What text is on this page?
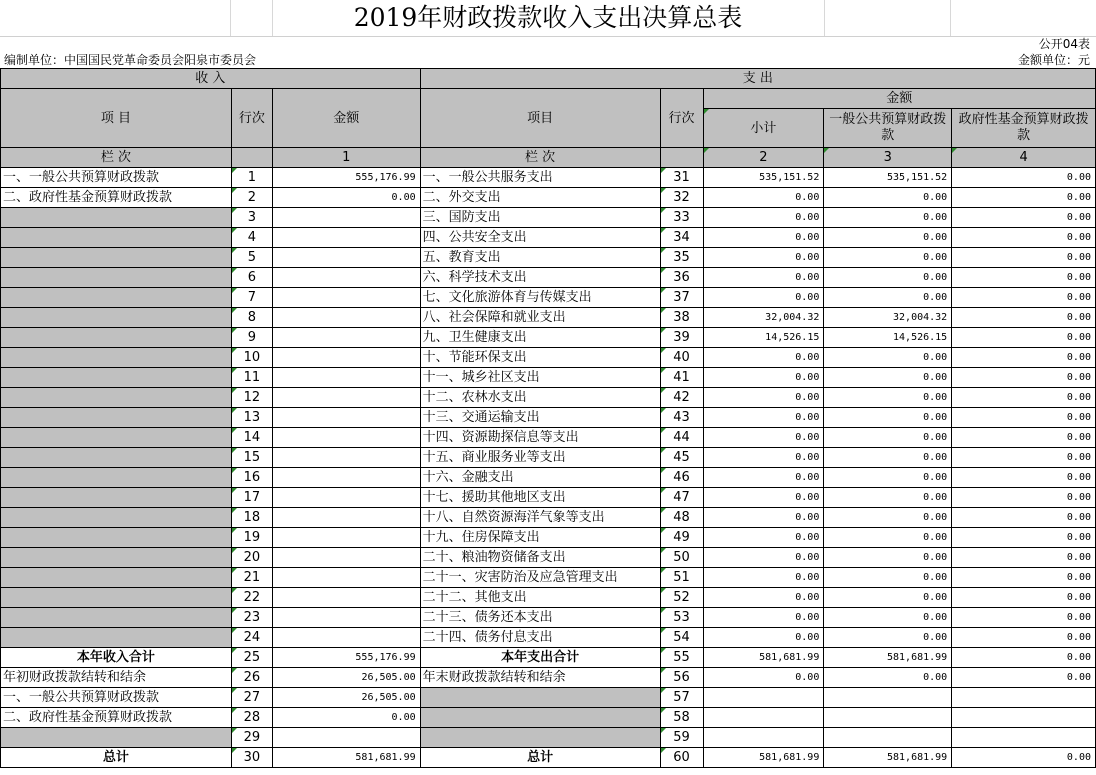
2019年财政拨款收入支出决算总表
公开04表
编制单位：中国国民党革命委员会阳泉市委员会	金额单位：元
收 入			支 出				
项 目	行次	金额	项目	行次	金额		
					小计	一般公共预算财政拨款	政府性基金预算财政拨款
栏 次		1	栏 次		2	3	4
一、一般公共预算财政拨款	1	555,176.99	一、一般公共服务支出	31	535,151.52	535,151.52	0.00
二、政府性基金预算财政拨款	2	0.00	二、外交支出	32	0.00	0.00	0.00
	3		三、国防支出	33	0.00	0.00	0.00
	4		四、公共安全支出	34	0.00	0.00	0.00
	5		五、教育支出	35	0.00	0.00	0.00
	6		六、科学技术支出	36	0.00	0.00	0.00
	7		七、文化旅游体育与传媒支出	37	0.00	0.00	0.00
	8		八、社会保障和就业支出	38	32,004.32	32,004.32	0.00
	9		九、卫生健康支出	39	14,526.15	14,526.15	0.00
	10		十、节能环保支出	40	0.00	0.00	0.00
	11		十一、城乡社区支出	41	0.00	0.00	0.00
	12		十二、农林水支出	42	0.00	0.00	0.00
	13		十三、交通运输支出	43	0.00	0.00	0.00
	14		十四、资源勘探信息等支出	44	0.00	0.00	0.00
	15		十五、商业服务业等支出	45	0.00	0.00	0.00
	16		十六、金融支出	46	0.00	0.00	0.00
	17		十七、援助其他地区支出	47	0.00	0.00	0.00
	18		十八、自然资源海洋气象等支出	48	0.00	0.00	0.00
	19		十九、住房保障支出	49	0.00	0.00	0.00
	20		二十、粮油物资储备支出	50	0.00	0.00	0.00
	21		二十一、灾害防治及应急管理支出	51	0.00	0.00	0.00
	22		二十二、其他支出	52	0.00	0.00	0.00
	23		二十三、债务还本支出	53	0.00	0.00	0.00
	24		二十四、债务付息支出	54	0.00	0.00	0.00
本年收入合计	25	555,176.99	本年支出合计	55	581,681.99	581,681.99	0.00
年初财政拨款结转和结余	26	26,505.00	年末财政拨款结转和结余	56	0.00	0.00	0.00
一、一般公共预算财政拨款	27	26,505.00		57			
二、政府性基金预算财政拨款	28	0.00		58			
	29			59			
总计	30	581,681.99	总计	60	581,681.99	581,681.99	0.00
